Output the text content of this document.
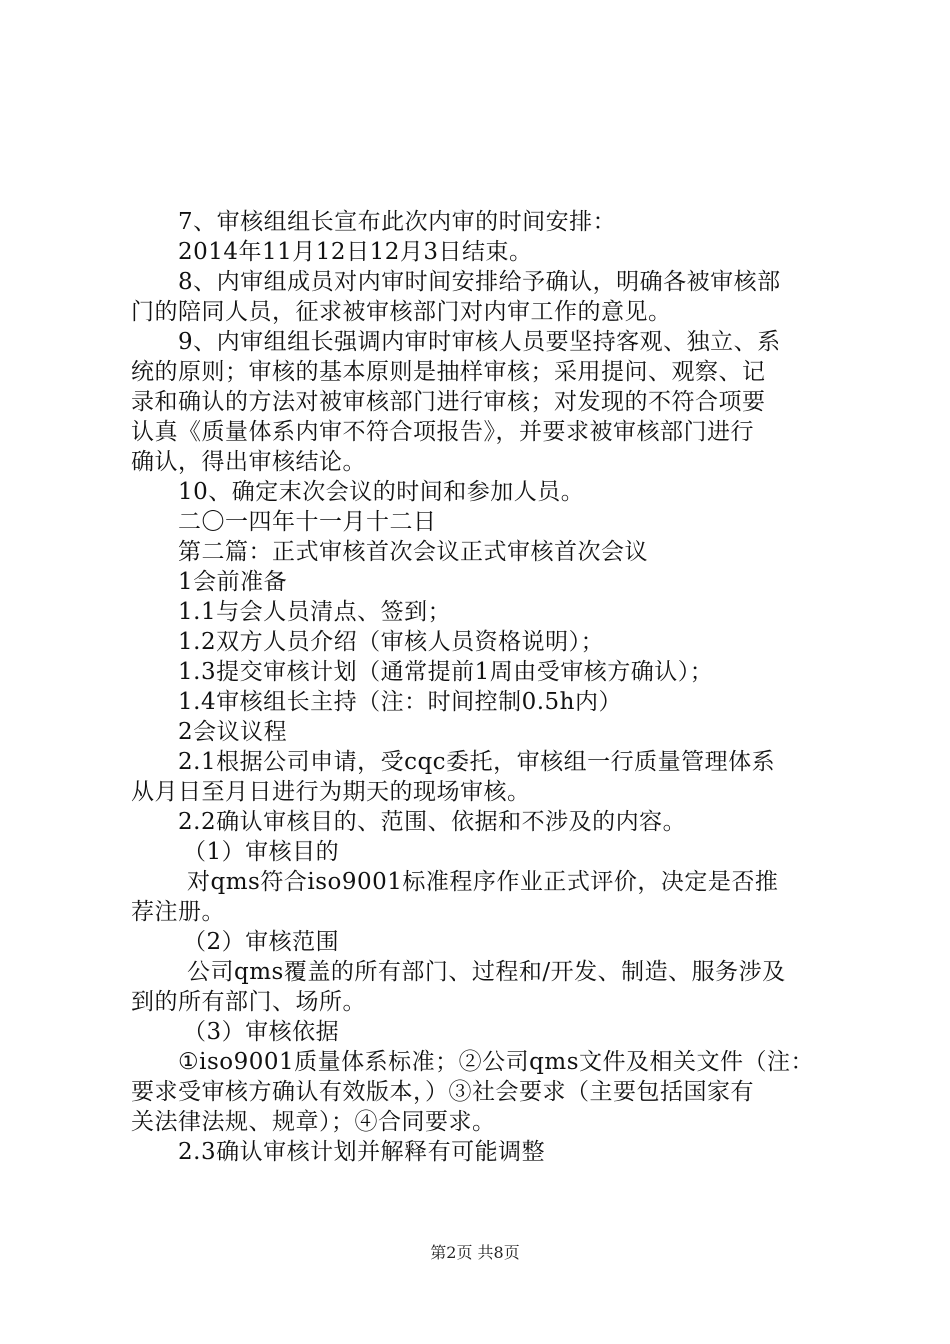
7、审核组组长宣布此次内审的时间安排：
2014年11月12日12月3日结束。
8、内审组成员对内审时间安排给予确认，明确各被审核部
门的陪同人员，征求被审核部门对内审工作的意见。
9、内审组组长强调内审时审核人员要坚持客观、独立、系
统的原则；审核的基本原则是抽样审核；采用提问、观察、记
录和确认的方法对被审核部门进行审核；对发现的不符合项要
认真《质量体系内审不符合项报告》，并要求被审核部门进行
确认，得出审核结论。
10、确定末次会议的时间和参加人员。
二〇一四年十一月十二日
第二篇：正式审核首次会议正式审核首次会议
1会前准备
1.1与会人员清点、签到；
1.2双方人员介绍（审核人员资格说明）；
1.3提交审核计划（通常提前1周由受审核方确认）；
1.4审核组长主持（注：时间控制0.5h内）
2会议议程
2.1根据公司申请，受cqc委托，审核组一行质量管理体系
从月日至月日进行为期天的现场审核。
2.2确认审核目的、范围、依据和不涉及的内容。
（1）审核目的
对qms符合iso9001标准程序作业正式评价，决定是否推
荐注册。
（2）审核范围
公司qms覆盖的所有部门、过程和/开发、制造、服务涉及
到的所有部门、场所。
（3）审核依据
①iso9001质量体系标准；②公司qms文件及相关文件（注：
要求受审核方确认有效版本，）③社会要求（主要包括国家有
关法律法规、规章）；④合同要求。
2.3确认审核计划并解释有可能调整
第2页 共8页
